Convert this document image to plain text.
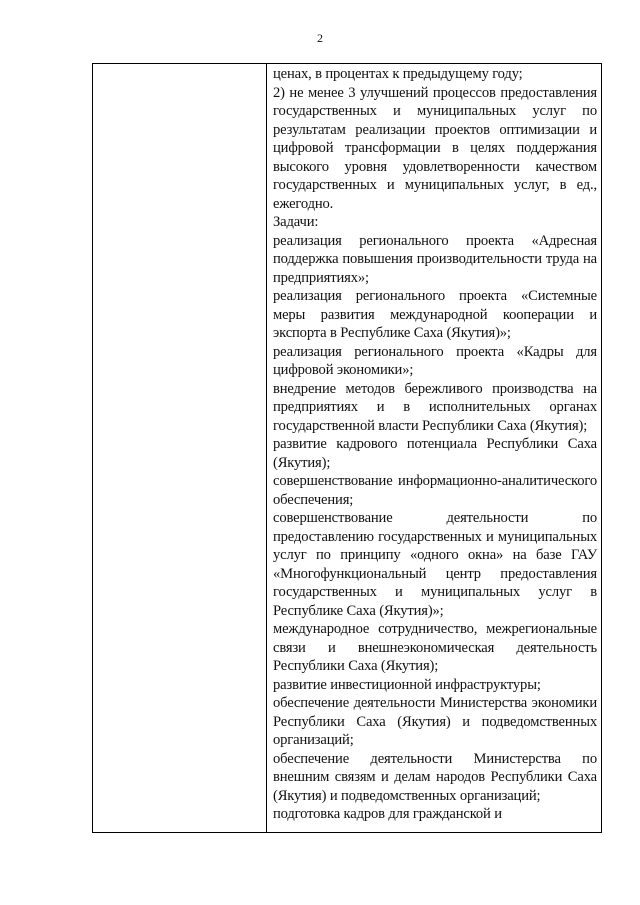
2

ценах, в процентах к предыдущему году;

2) не менее 3 улучшений процессов предоставления государственных и муниципальных услуг по результатам реализации проектов оптимизации и цифровой трансформации в целях поддержания высокого уровня удовлетворенности качеством государственных и муниципальных услуг, в ед., ежегодно.

Задачи:

реализация регионального проекта «Адресная поддержка повышения производительности труда на предприятиях»;

реализация регионального проекта «Системные меры развития международной кооперации и экспорта в Республике Саха (Якутия)»;

реализация регионального проекта «Кадры для цифровой экономики»;

внедрение методов бережливого производства на предприятиях и в исполнительных органах государственной власти Республики Саха (Якутия);

развитие кадрового потенциала Республики Саха (Якутия);

совершенствование информационно-аналитического обеспечения;

совершенствование деятельности по предоставлению государственных и муниципальных услуг по принципу «одного окна» на базе ГАУ «Многофункциональный центр предоставления государственных и муниципальных услуг в Республике Саха (Якутия)»;

международное сотрудничество, межрегиональные связи и внешнеэкономическая деятельность Республики Саха (Якутия);

развитие инвестиционной инфраструктуры;

обеспечение деятельности Министерства экономики Республики Саха (Якутия) и подведомственных организаций;

обеспечение деятельности Министерства по внешним связям и делам народов Республики Саха (Якутия) и подведомственных организаций;

подготовка кадров для гражданской и
